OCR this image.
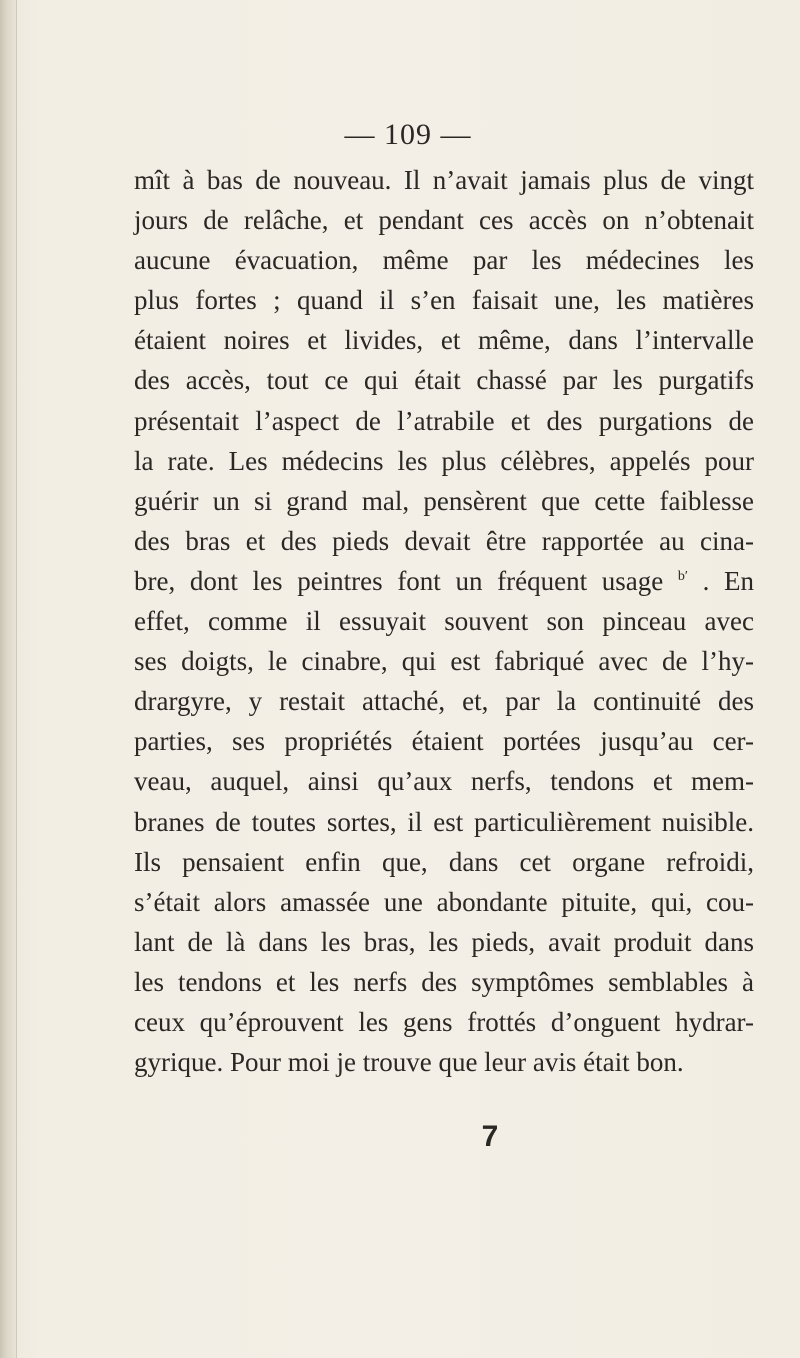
— 109 —
mît à bas de nouveau. Il n’avait jamais plus de vingt
jours de relâche, et pendant ces accès on n’obtenait
aucune évacuation, même par les médecines les
plus fortes ; quand il s’en faisait une, les matières
étaient noires et livides, et même, dans l’intervalle
des accès, tout ce qui était chassé par les purgatifs
présentait l’aspect de l’atrabile et des purgations de
la rate. Les médecins les plus célèbres, appelés pour
guérir un si grand mal, pensèrent que cette faiblesse
des bras et des pieds devait être rapportée au cina-
bre, dont les peintres font un fréquent usage $^{b'}$ . En
effet, comme il essuyait souvent son pinceau avec
ses doigts, le cinabre, qui est fabriqué avec de l’hy-
drargyre, y restait attaché, et, par la continuité des
parties, ses propriétés étaient portées jusqu’au cer-
veau, auquel, ainsi qu’aux nerfs, tendons et mem-
branes de toutes sortes, il est particulièrement nuisible.
Ils pensaient enfin que, dans cet organe refroidi,
s’était alors amassée une abondante pituite, qui, cou-
lant de là dans les bras, les pieds, avait produit dans
les tendons et les nerfs des symptômes semblables à
ceux qu’éprouvent les gens frottés d’onguent hydrar-
gyrique. Pour moi je trouve que leur avis était bon.
7
